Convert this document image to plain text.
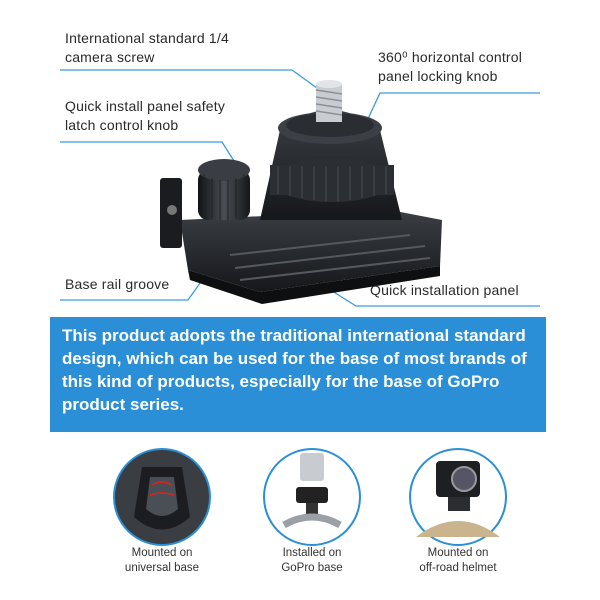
International standard 1/4
camera screw	360⁰ horizontal control
panel locking knob
Quick install panel safety
latch control knob
Base rail groove	Quick installation panel

This product adopts the traditional international standard design, which can be used for the base of most brands of this kind of products, especially for the base of GoPro product series.

Mounted on
universal base
Installed on
GoPro base
Mounted on
off-road helmet
